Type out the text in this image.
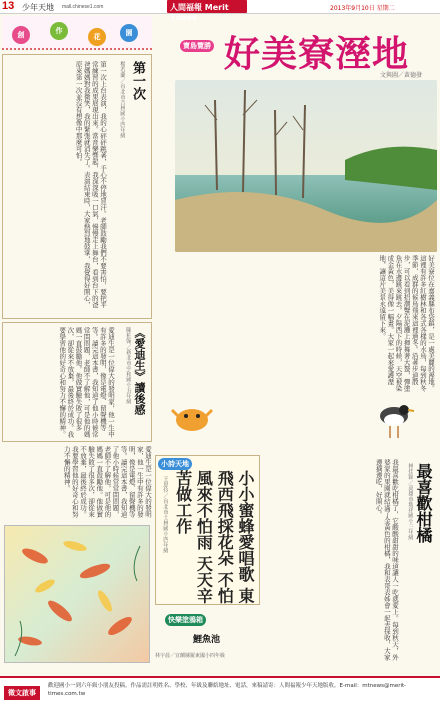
13 少年天地 mall.chinese1.com	人間福報 Merit Times
2013年9月10日 星期二
創	作
花	園
第一次
楊若蘭／台北市吉林國小四年級
第一次上台表演，我的心砰砰跳著，手心不停地冒汗。老師鼓勵我們不要害怕，要把平常練習的成果展現出來。當音樂響起，我深深吸一口氣，慢慢走上舞台，看到台下的爸爸媽媽對我微笑，我的緊張就消失了。表演結束時，大家熱烈地鼓掌，我覺得好開心，原來第一次並沒有想像中那麼可怕。
《愛迪生》讀後感
陳柏翰／新北市中和國小五年級
愛迪生是一位偉大的發明家，他一生中有許多的發明，像是電燈、留聲機等等。讀完這本書，我知道了他小時候常常問問題，老師不了解他，可是他的媽媽一直鼓勵他。他做實驗失敗了很多次，卻從來不放棄，最後終於成功。我要學習他的好奇心和努力不懈的精神。
愛迪生是一位偉大的發明家，他一生中有許多的發明，像是電燈、留聲機等等。讀完這本書，我知道了他小時候常常問問題，老師不了解他，可是他的媽媽一直鼓勵他。他做實驗失敗了很多次，卻從來不放棄，最後終於成功。我要學習他的好奇心和努力不懈的精神。
寶島覽勝 好美寮溼地
文與圖／黃德發
好美寮位在嘉義縣布袋鎮，是一處美麗的溼地。這裡有許多紅樹林和各式各樣的水鳥，每到秋冬季節，成群的候鳥飛來這裡過冬。沿著步道散步，可以看到招潮蟹在泥灘上揮舞著大螯，彈塗魚在水邊跳來跳去。夕陽西下的時候，天空被染成金黃色，美得像一幅畫。大家一起來愛護溼地，讓這片美景永遠留下來。
小詩天地
小小蜜蜂愛唱歌 東飛西飛採花朵 不怕風來不怕雨 天天辛苦做工作
王思伶／台北市士林國小四年級	最喜歡柑橘
林佳穎／高雄市瑞祥國小三年級
我最喜歡吃柑橘了，它酸酸甜甜的味道讓人一吃就愛上。每到秋天，外婆家的果園就結滿了金黃色的柑橘，我和表哥表姊會一起去採收，大家邊摘邊吃，好開心。
快樂塗鴉箱
鯉魚池
林宇晨／宜蘭縣羅東國小四年級
徵文啟事
歡迎國小一到六年級小朋友投稿。作品需註明姓名、學校、年級及聯絡地址、電話，來稿請寄：人間福報少年天地版收。E-mail：mtnews@merit-times.com.tw
